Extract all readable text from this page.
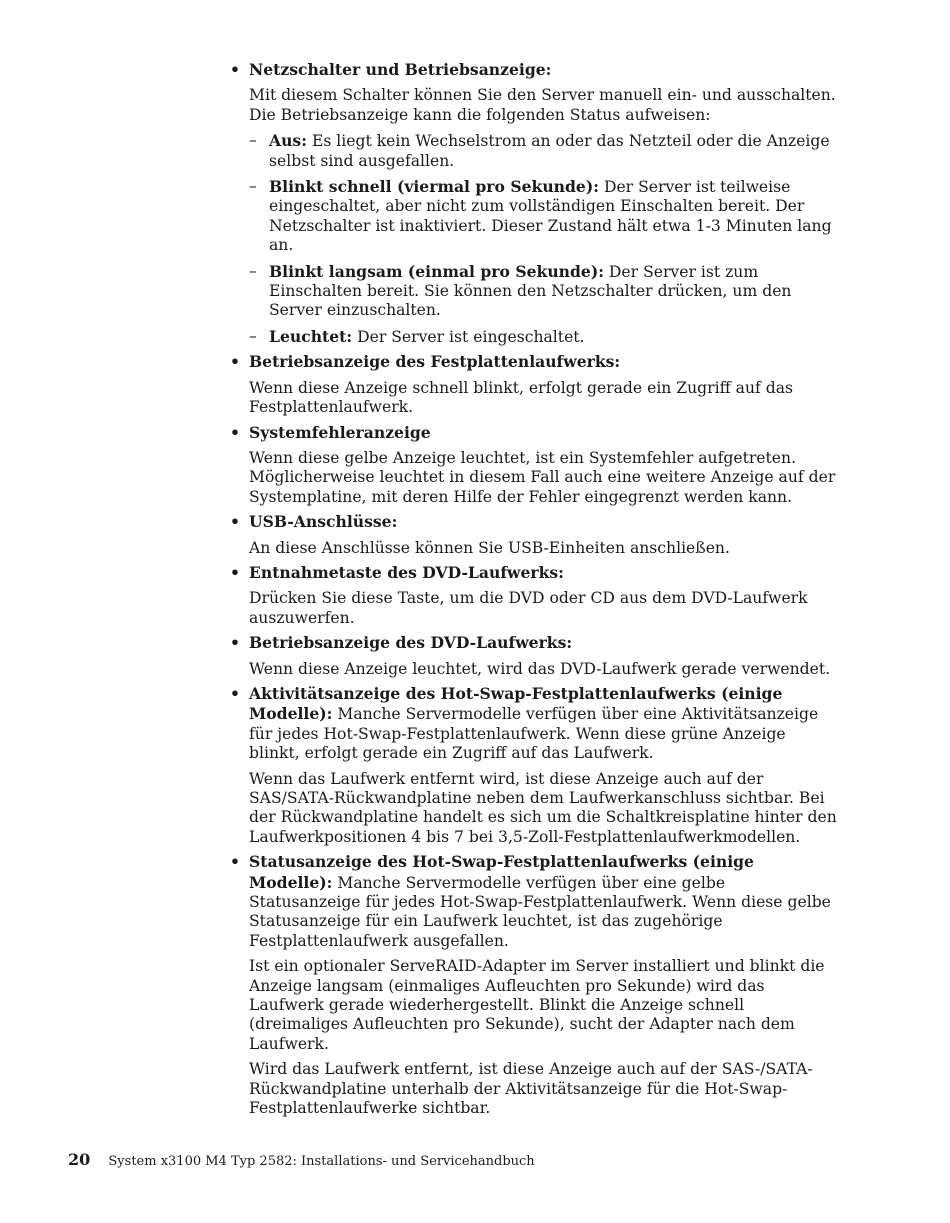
• Netzschalter und Betriebsanzeige:
Mit diesem Schalter können Sie den Server manuell ein- und ausschalten. Die Betriebsanzeige kann die folgenden Status aufweisen:
– Aus: Es liegt kein Wechselstrom an oder das Netzteil oder die Anzeige selbst sind ausgefallen.
– Blinkt schnell (viermal pro Sekunde): Der Server ist teilweise eingeschaltet, aber nicht zum vollständigen Einschalten bereit. Der Netzschalter ist inaktiviert. Dieser Zustand hält etwa 1-3 Minuten lang an.
– Blinkt langsam (einmal pro Sekunde): Der Server ist zum Einschalten bereit. Sie können den Netzschalter drücken, um den Server einzuschalten.
– Leuchtet: Der Server ist eingeschaltet.
• Betriebsanzeige des Festplattenlaufwerks:
Wenn diese Anzeige schnell blinkt, erfolgt gerade ein Zugriff auf das Festplattenlaufwerk.
• Systemfehleranzeige
Wenn diese gelbe Anzeige leuchtet, ist ein Systemfehler aufgetreten. Möglicherweise leuchtet in diesem Fall auch eine weitere Anzeige auf der Systemplatine, mit deren Hilfe der Fehler eingegrenzt werden kann.
• USB-Anschlüsse:
An diese Anschlüsse können Sie USB-Einheiten anschließen.
• Entnahmetaste des DVD-Laufwerks:
Drücken Sie diese Taste, um die DVD oder CD aus dem DVD-Laufwerk auszuwerfen.
• Betriebsanzeige des DVD-Laufwerks:
Wenn diese Anzeige leuchtet, wird das DVD-Laufwerk gerade verwendet.
• Aktivitätsanzeige des Hot-Swap-Festplattenlaufwerks (einige Modelle): Manche Servermodelle verfügen über eine Aktivitätsanzeige für jedes Hot-Swap-Festplattenlaufwerk. Wenn diese grüne Anzeige blinkt, erfolgt gerade ein Zugriff auf das Laufwerk.
Wenn das Laufwerk entfernt wird, ist diese Anzeige auch auf der SAS/SATA-Rückwandplatine neben dem Laufwerkanschluss sichtbar. Bei der Rückwandplatine handelt es sich um die Schaltkreisplatine hinter den Laufwerkpositionen 4 bis 7 bei 3,5-Zoll-Festplattenlaufwerkmodellen.
• Statusanzeige des Hot-Swap-Festplattenlaufwerks (einige Modelle): Manche Servermodelle verfügen über eine gelbe Statusanzeige für jedes Hot-Swap-Festplattenlaufwerk. Wenn diese gelbe Statusanzeige für ein Laufwerk leuchtet, ist das zugehörige Festplattenlaufwerk ausgefallen.
Ist ein optionaler ServeRAID-Adapter im Server installiert und blinkt die Anzeige langsam (einmaliges Aufleuchten pro Sekunde) wird das Laufwerk gerade wiederhergestellt. Blinkt die Anzeige schnell (dreimaliges Aufleuchten pro Sekunde), sucht der Adapter nach dem Laufwerk.
Wird das Laufwerk entfernt, ist diese Anzeige auch auf der SAS-/SATA-Rückwandplatine unterhalb der Aktivitätsanzeige für die Hot-Swap-Festplattenlaufwerke sichtbar.
20 System x3100 M4 Typ 2582: Installations- und Servicehandbuch
